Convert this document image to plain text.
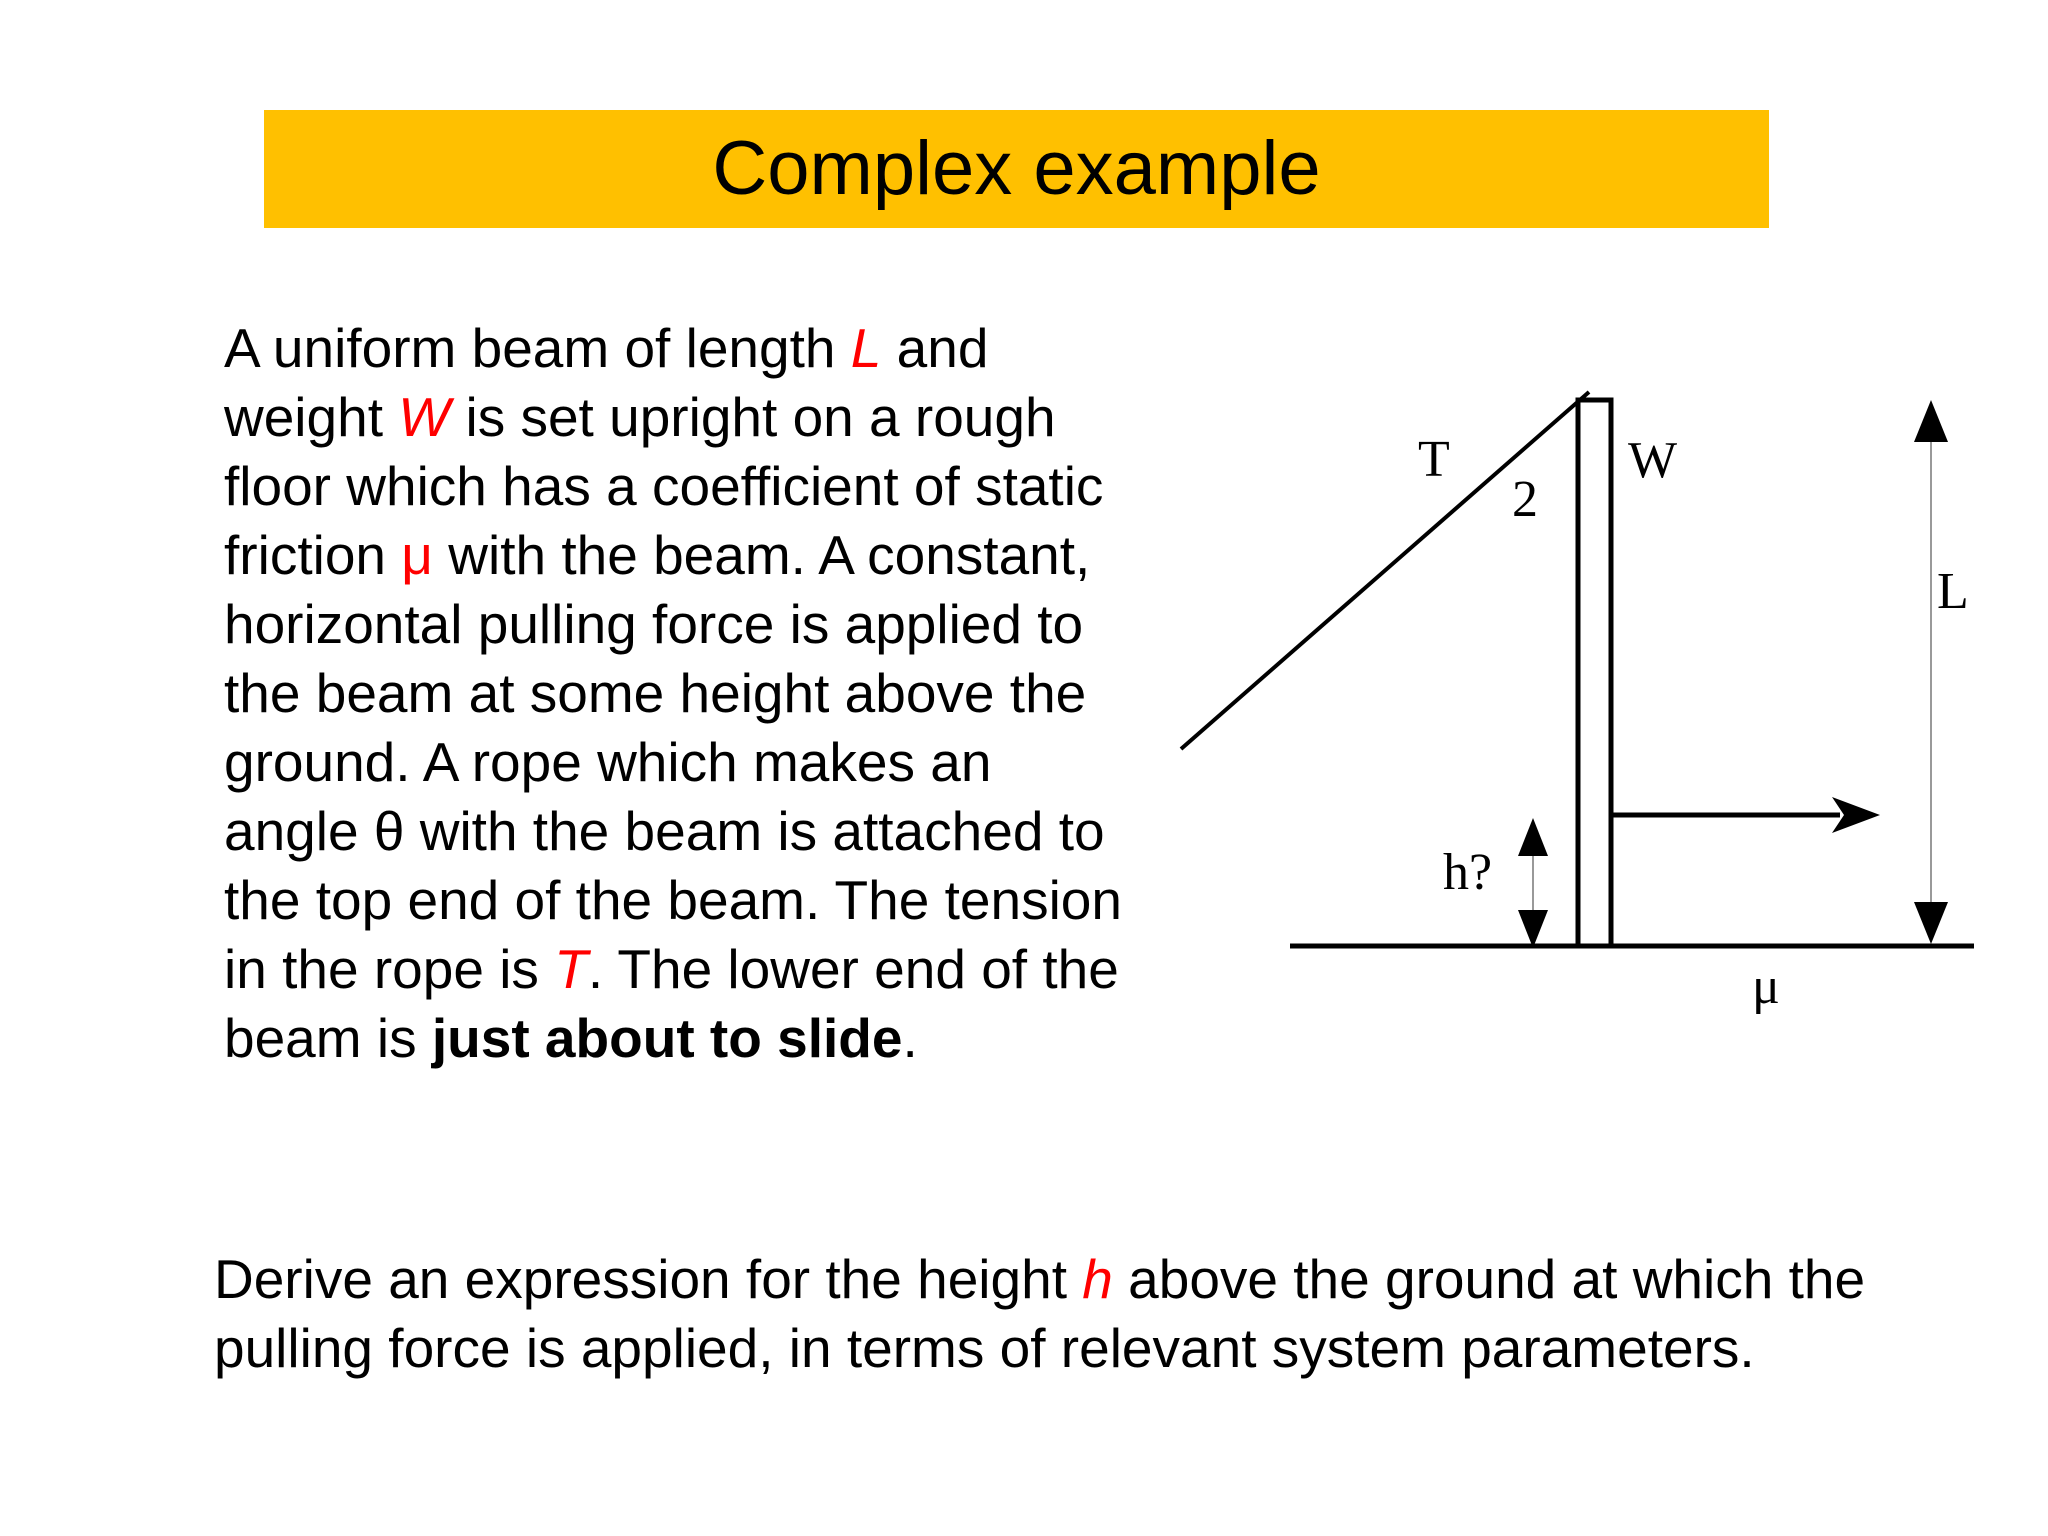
Complex example

A uniform beam of length L and weight W is set upright on a rough floor which has a coefficient of static friction μ with the beam. A constant, horizontal pulling force is applied to the beam at some height above the ground. A rope which makes an angle θ with the beam is attached to the top end of the beam. The tension in the rope is T. The lower end of the beam is just about to slide.

Derive an expression for the height h above the ground at which the pulling force is applied, in terms of relevant system parameters.

T
2
W
L
h?
μ
